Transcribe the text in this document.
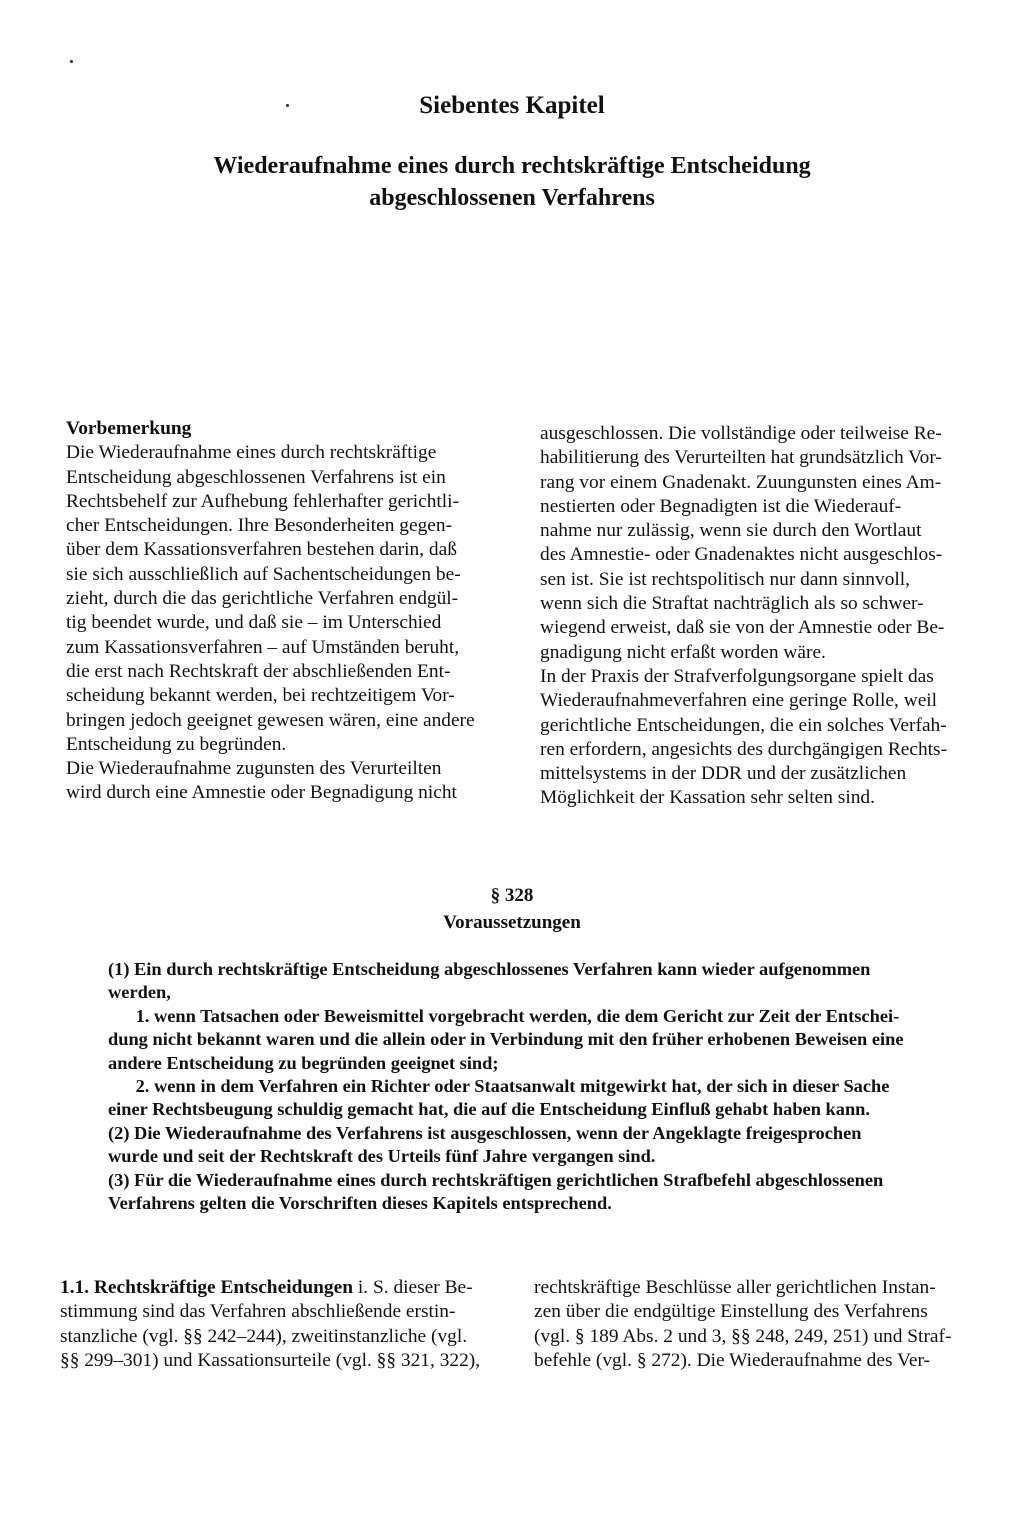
Siebentes Kapitel
Wiederaufnahme eines durch rechtskräftige Entscheidung
abgeschlossenen Verfahrens
Vorbemerkung

Die Wiederaufnahme eines durch rechtskräftige
Entscheidung abgeschlossenen Verfahrens ist ein
Rechtsbehelf zur Aufhebung fehlerhafter gerichtli-
cher Entscheidungen. Ihre Besonderheiten gegen-
über dem Kassationsverfahren bestehen darin, daß
sie sich ausschließlich auf Sachentscheidungen be-
zieht, durch die das gerichtliche Verfahren endgül-
tig beendet wurde, und daß sie – im Unterschied
zum Kassationsverfahren – auf Umständen beruht,
die erst nach Rechtskraft der abschließenden Ent-
scheidung bekannt werden, bei rechtzeitigem Vor-
bringen jedoch geeignet gewesen wären, eine andere
Entscheidung zu begründen.
Die Wiederaufnahme zugunsten des Verurteilten
wird durch eine Amnestie oder Begnadigung nicht

ausgeschlossen. Die vollständige oder teilweise Re-
habilitierung des Verurteilten hat grundsätzlich Vor-
rang vor einem Gnadenakt. Zuungunsten eines Am-
nestierten oder Begnadigten ist die Wiederauf-
nahme nur zulässig, wenn sie durch den Wortlaut
des Amnestie- oder Gnadenaktes nicht ausgeschlos-
sen ist. Sie ist rechtspolitisch nur dann sinnvoll,
wenn sich die Straftat nachträglich als so schwer-
wiegend erweist, daß sie von der Amnestie oder Be-
gnadigung nicht erfaßt worden wäre.
In der Praxis der Strafverfolgungsorgane spielt das
Wiederaufnahmeverfahren eine geringe Rolle, weil
gerichtliche Entscheidungen, die ein solches Verfah-
ren erfordern, angesichts des durchgängigen Rechts-
mittelsystems in der DDR und der zusätzlichen
Möglichkeit der Kassation sehr selten sind.

§ 328
Voraussetzungen

(1) Ein durch rechtskräftige Entscheidung abgeschlossenes Verfahren kann wieder aufgenommen
werden,
1. wenn Tatsachen oder Beweismittel vorgebracht werden, die dem Gericht zur Zeit der Entschei-
dung nicht bekannt waren und die allein oder in Verbindung mit den früher erhobenen Beweisen eine
andere Entscheidung zu begründen geeignet sind;
2. wenn in dem Verfahren ein Richter oder Staatsanwalt mitgewirkt hat, der sich in dieser Sache
einer Rechtsbeugung schuldig gemacht hat, die auf die Entscheidung Einfluß gehabt haben kann.
(2) Die Wiederaufnahme des Verfahrens ist ausgeschlossen, wenn der Angeklagte freigesprochen
wurde und seit der Rechtskraft des Urteils fünf Jahre vergangen sind.
(3) Für die Wiederaufnahme eines durch rechtskräftigen gerichtlichen Strafbefehl abgeschlossenen
Verfahrens gelten die Vorschriften dieses Kapitels entsprechend.

1.1. Rechtskräftige Entscheidungen i. S. dieser Be-
stimmung sind das Verfahren abschließende erstin-
stanzliche (vgl. §§ 242–244), zweitinstanzliche (vgl.
§§ 299–301) und Kassationsurteile (vgl. §§ 321, 322),

rechtskräftige Beschlüsse aller gerichtlichen Instan-
zen über die endgültige Einstellung des Verfahrens
(vgl. § 189 Abs. 2 und 3, §§ 248, 249, 251) und Straf-
befehle (vgl. § 272). Die Wiederaufnahme des Ver-
